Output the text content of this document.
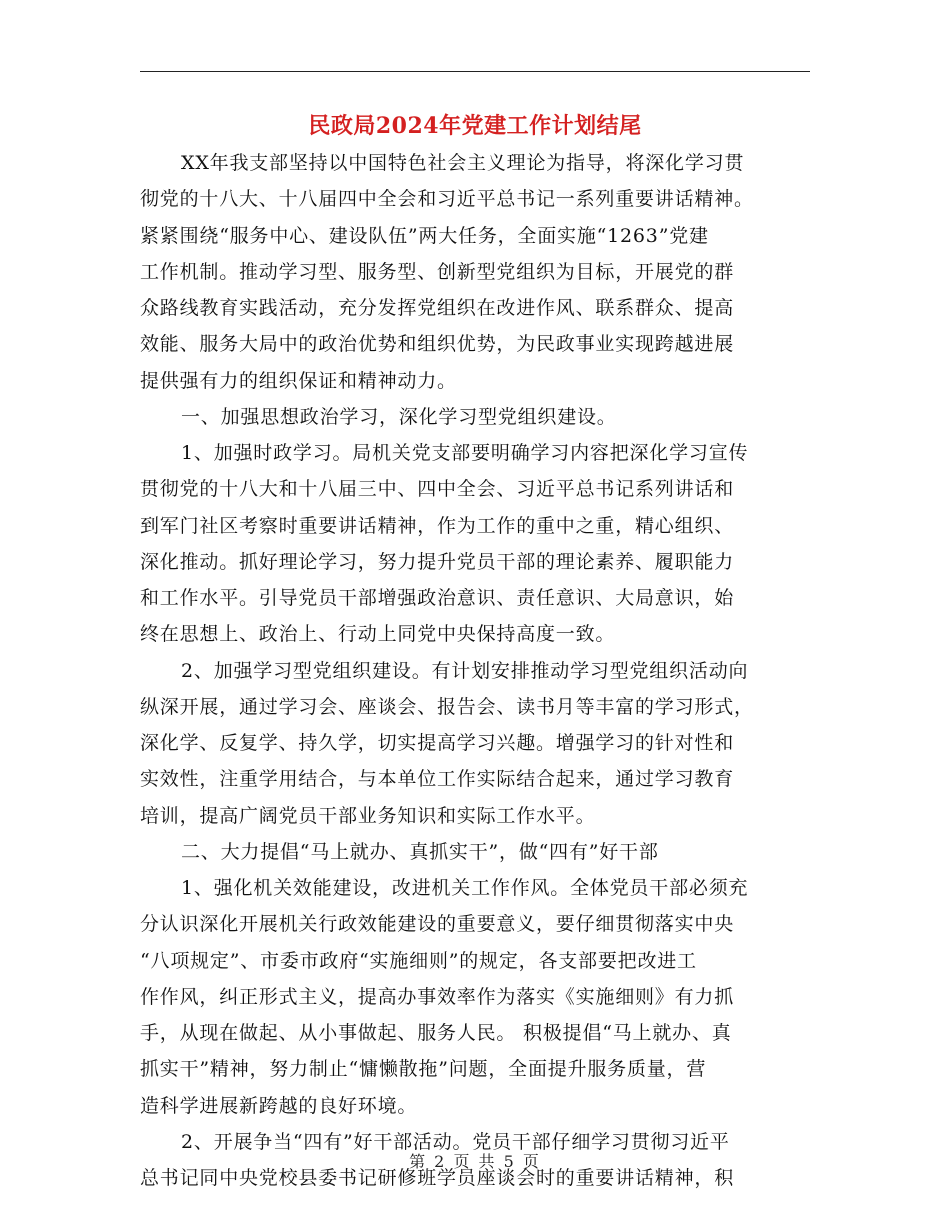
民政局2024年党建工作计划结尾
XX年我支部坚持以中国特色社会主义理论为指导，将深化学习贯
彻党的十八大、十八届四中全会和习近平总书记一系列重要讲话精神。
紧紧围绕“服务中心、建设队伍”两大任务，全面实施“1263”党建
工作机制。推动学习型、服务型、创新型党组织为目标，开展党的群
众路线教育实践活动，充分发挥党组织在改进作风、联系群众、提高
效能、服务大局中的政治优势和组织优势，为民政事业实现跨越进展
提供强有力的组织保证和精神动力。
一、加强思想政治学习，深化学习型党组织建设。
1、加强时政学习。局机关党支部要明确学习内容把深化学习宣传
贯彻党的十八大和十八届三中、四中全会、习近平总书记系列讲话和
到军门社区考察时重要讲话精神，作为工作的重中之重，精心组织、
深化推动。抓好理论学习，努力提升党员干部的理论素养、履职能力
和工作水平。引导党员干部增强政治意识、责任意识、大局意识，始
终在思想上、政治上、行动上同党中央保持高度一致。
2、加强学习型党组织建设。有计划安排推动学习型党组织活动向
纵深开展，通过学习会、座谈会、报告会、读书月等丰富的学习形式，
深化学、反复学、持久学，切实提高学习兴趣。增强学习的针对性和
实效性，注重学用结合，与本单位工作实际结合起来，通过学习教育
培训，提高广阔党员干部业务知识和实际工作水平。
二、大力提倡“马上就办、真抓实干”，做“四有”好干部
1、强化机关效能建设，改进机关工作作风。全体党员干部必须充
分认识深化开展机关行政效能建设的重要意义，要仔细贯彻落实中央
“八项规定”、市委市政府“实施细则”的规定，各支部要把改进工
作作风，纠正形式主义，提高办事效率作为落实《实施细则》有力抓
手，从现在做起、从小事做起、服务人民。 积极提倡“马上就办、真
抓实干”精神，努力制止“慵懒散拖”问题，全面提升服务质量，营
造科学进展新跨越的良好环境。
2、开展争当“四有”好干部活动。党员干部仔细学习贯彻习近平
总书记同中央党校县委书记研修班学员座谈会时的重要讲话精神，积
第 2 页 共 5 页
